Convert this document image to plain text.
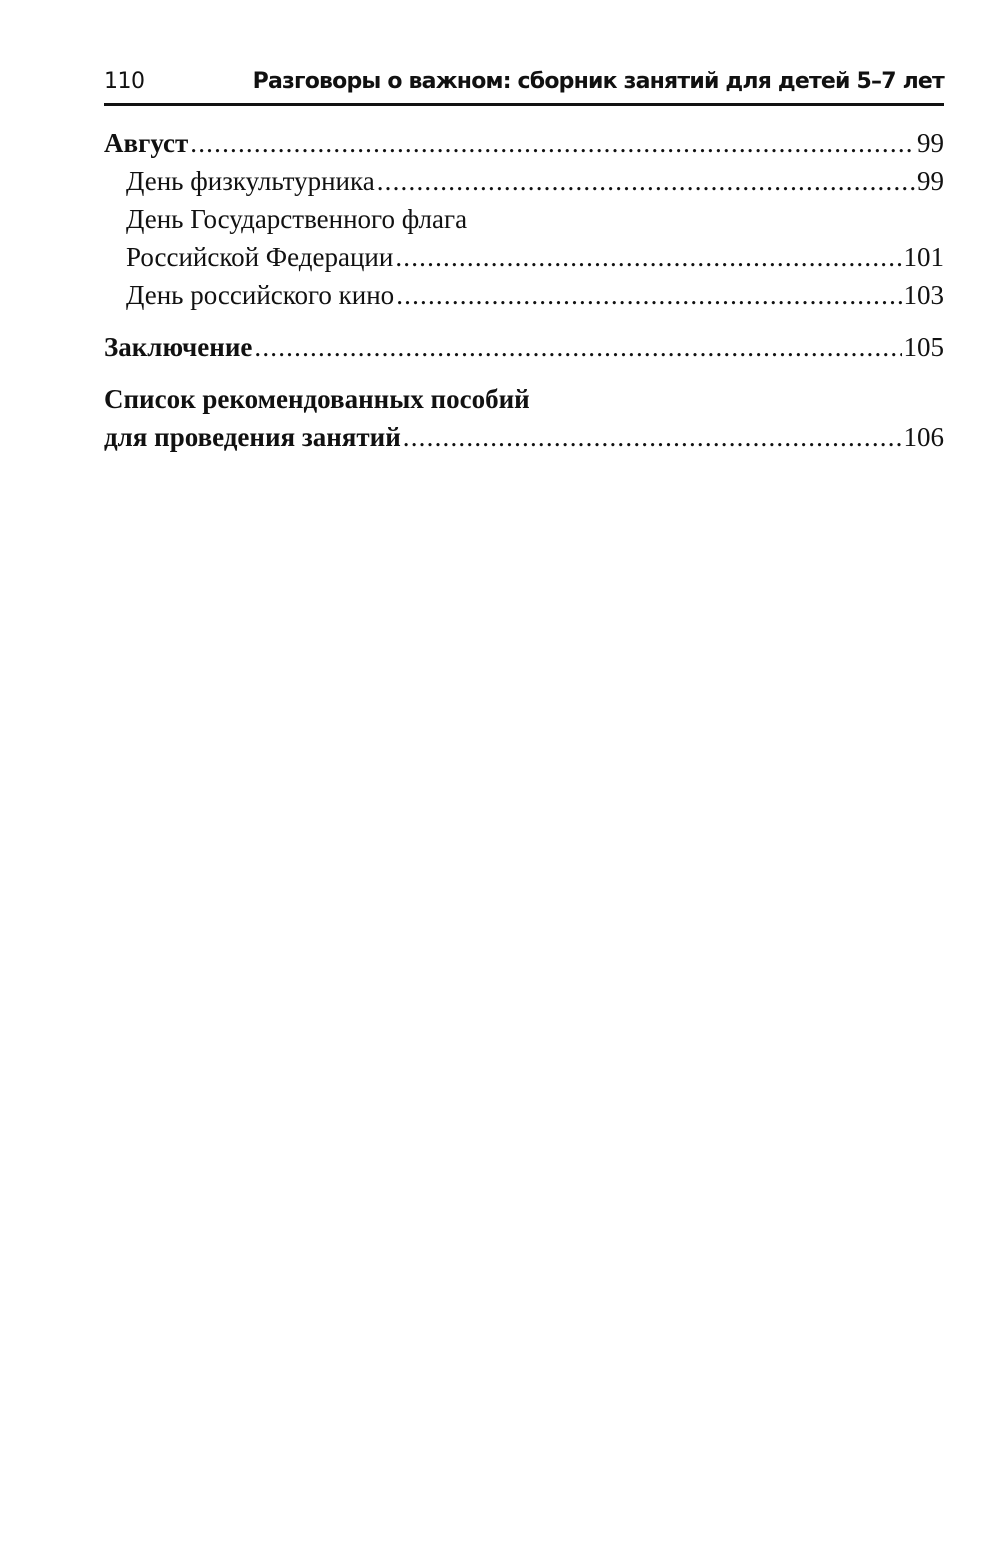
110	Разговоры о важном: сборник занятий для детей 5–7 лет
Август .....	99
День физкультурника .....	99
День Государственного флага
Российской Федерации .....	101
День российского кино .....	103
Заключение .....	105
Список рекомендованных пособий
для проведения занятий .....	106
